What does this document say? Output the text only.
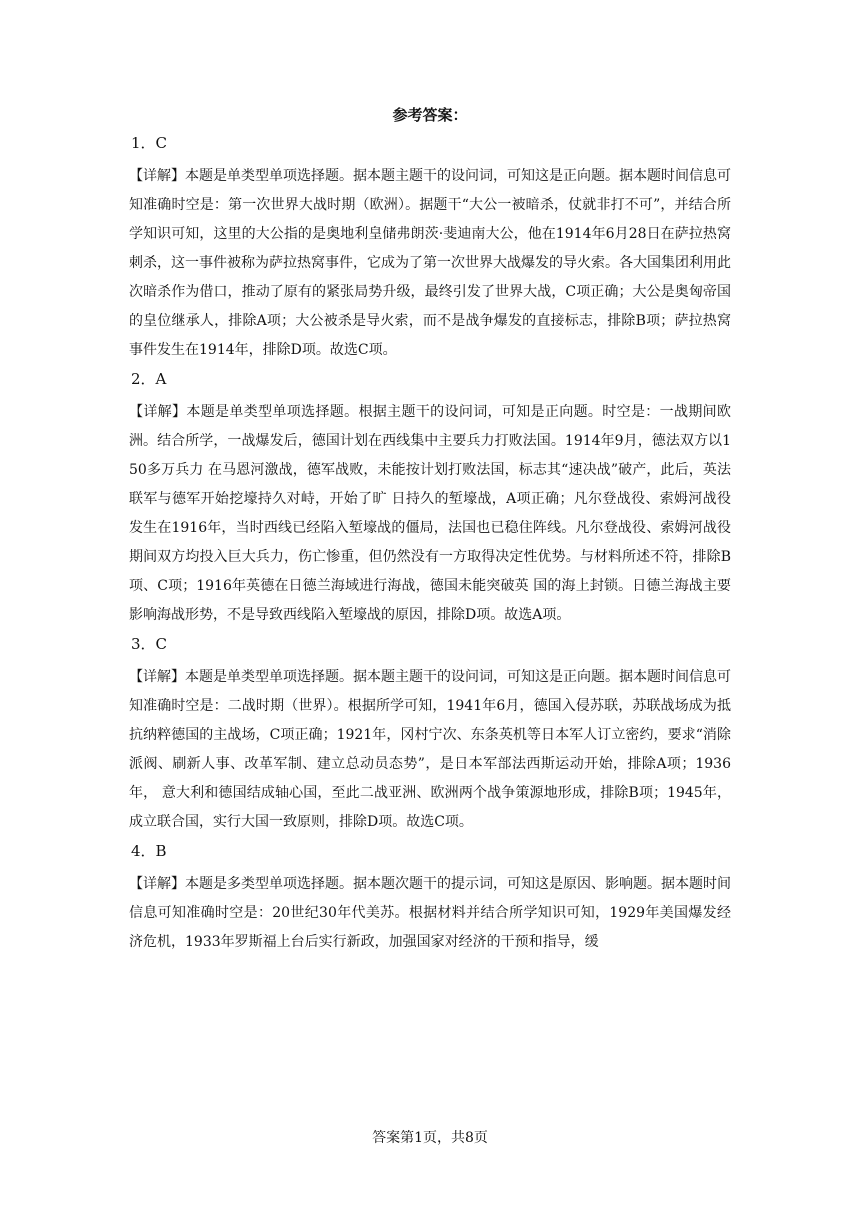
参考答案：
1．C
【详解】本题是单类型单项选择题。据本题主题干的设问词，可知这是正向题。据本题时间信息可知准确时空是：第一次世界大战时期（欧洲）。据题干“大公一被暗杀，仗就非打不可”，并结合所学知识可知，这里的大公指的是奥地利皇储弗朗茨·斐迪南大公，他在1914年6月28日在萨拉热窝刺杀，这一事件被称为萨拉热窝事件，它成为了第一次世界大战爆发的导火索。各大国集团利用此次暗杀作为借口，推动了原有的紧张局势升级，最终引发了世界大战，C项正确；大公是奥匈帝国的皇位继承人，排除A项；大公被杀是导火索，而不是战争爆发的直接标志，排除B项；萨拉热窝事件发生在1914年，排除D项。故选C项。
2．A
【详解】本题是单类型单项选择题。根据主题干的设问词，可知是正向题。时空是：一战期间欧洲。结合所学，一战爆发后，德国计划在西线集中主要兵力打败法国。1914年9月，德法双方以150多万兵力 在马恩河激战，德军战败，未能按计划打败法国，标志其“速决战”破产，此后，英法联军与德军开始挖壕持久对峙，开始了旷 日持久的堑壕战，A项正确；凡尔登战役、索姆河战役发生在1916年，当时西线已经陷入堑壕战的僵局，法国也已稳住阵线。凡尔登战役、索姆河战役期间双方均投入巨大兵力，伤亡惨重，但仍然没有一方取得决定性优势。与材料所述不符，排除B项、C项；1916年英德在日德兰海域进行海战，德国未能突破英 国的海上封锁。日德兰海战主要影响海战形势，不是导致西线陷入堑壕战的原因，排除D项。故选A项。
3．C
【详解】本题是单类型单项选择题。据本题主题干的设问词，可知这是正向题。据本题时间信息可知准确时空是：二战时期（世界）。根据所学可知，1941年6月，德国入侵苏联，苏联战场成为抵抗纳粹德国的主战场，C项正确；1921年，冈村宁次、东条英机等日本军人订立密约，要求“消除派阀、刷新人事、改革军制、建立总动员态势”，是日本军部法西斯运动开始，排除A项；1936年， 意大利和德国结成轴心国，至此二战亚洲、欧洲两个战争策源地形成，排除B项；1945年，成立联合国，实行大国一致原则，排除D项。故选C项。
4．B
【详解】本题是多类型单项选择题。据本题次题干的提示词，可知这是原因、影响题。据本题时间信息可知准确时空是：20世纪30年代美苏。根据材料并结合所学知识可知，1929年美国爆发经济危机，1933年罗斯福上台后实行新政，加强国家对经济的干预和指导，缓
答案第1页，共8页
